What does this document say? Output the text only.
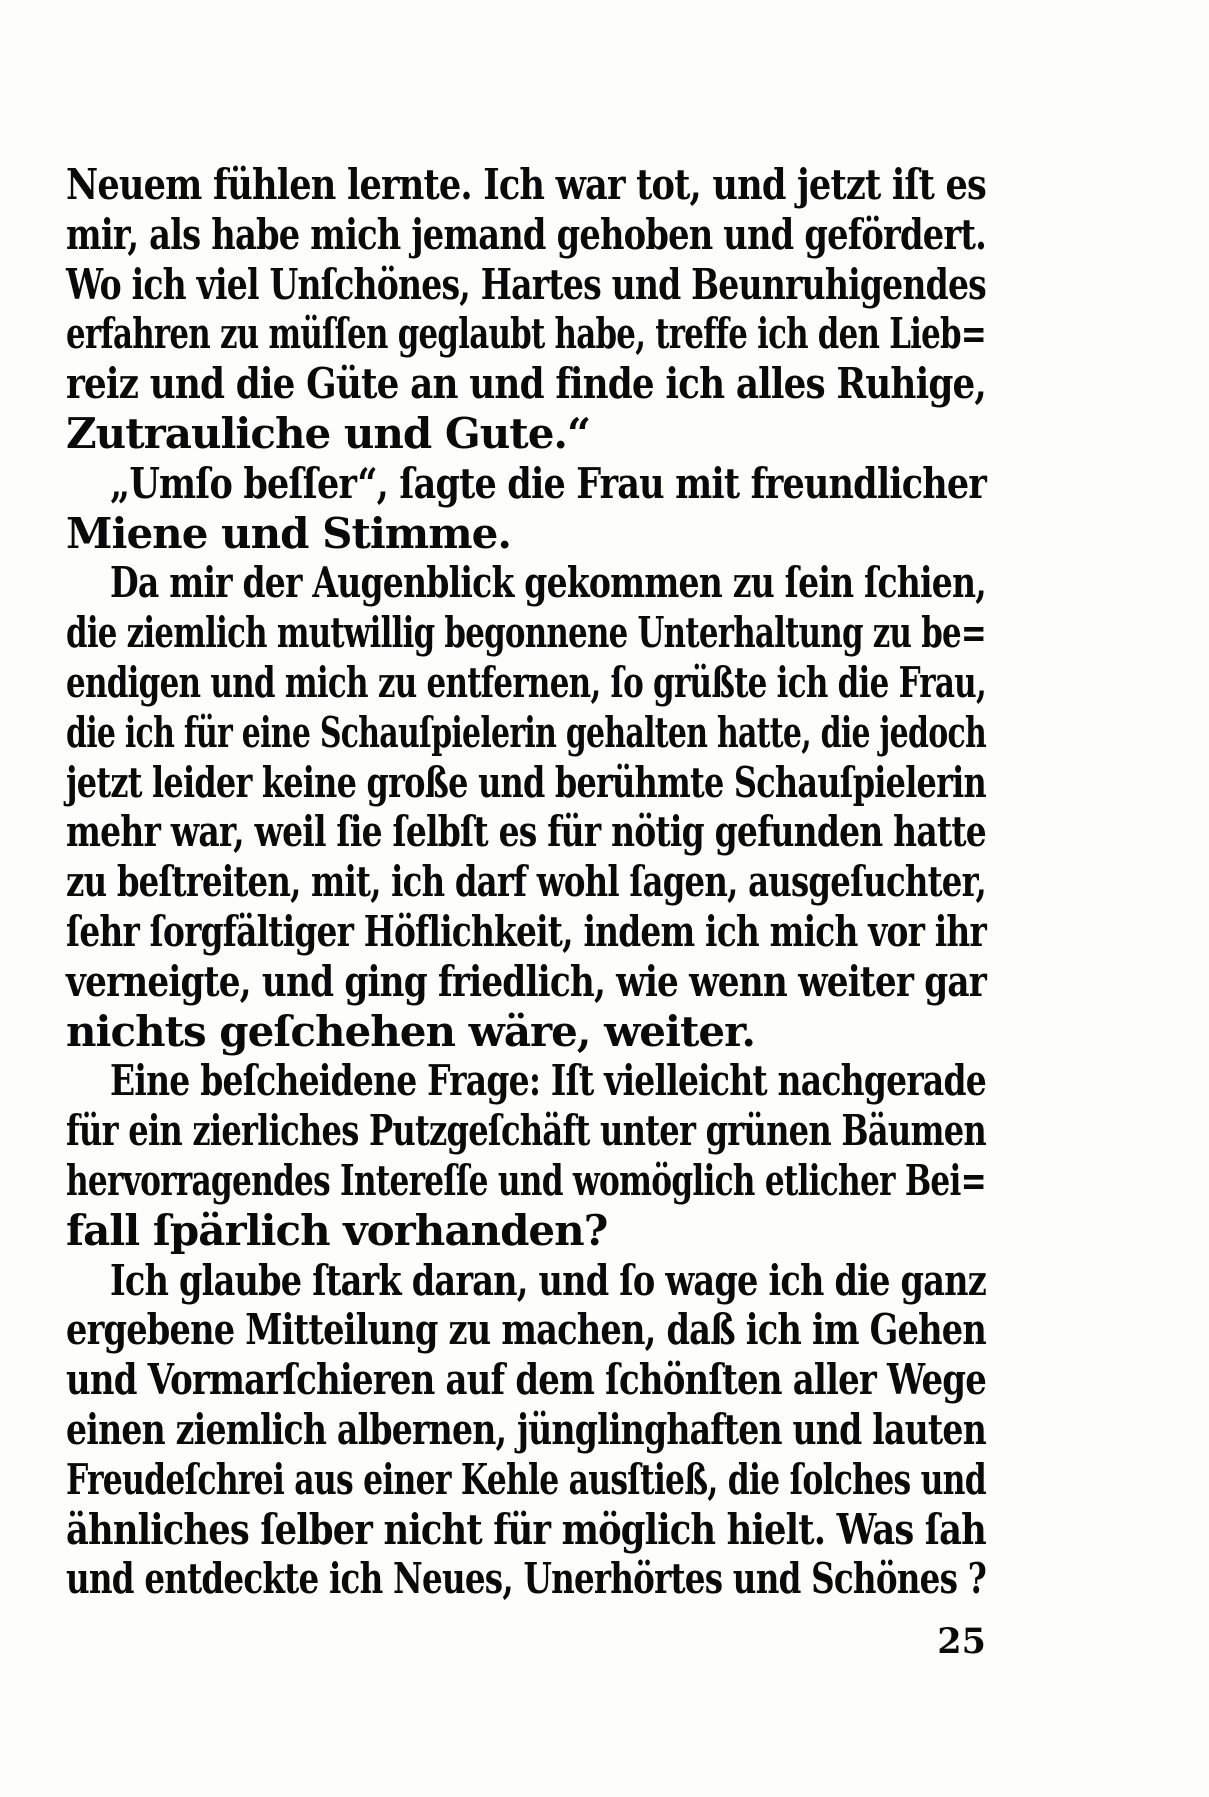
Neuem fühlen lernte. Ich war tot, und jetzt iſt es
mir, als habe mich jemand gehoben und gefördert.
Wo ich viel Unſchönes, Hartes und Beunruhigendes
erfahren zu müſſen geglaubt habe, treffe ich den Lieb=
reiz und die Güte an und finde ich alles Ruhige,
Zutrauliche und Gute.“
„Umſo beſſer“, ſagte die Frau mit freundlicher
Miene und Stimme.
Da mir der Augenblick gekommen zu ſein ſchien,
die ziemlich mutwillig begonnene Unterhaltung zu be=
endigen und mich zu entfernen, ſo grüßte ich die Frau,
die ich für eine Schauſpielerin gehalten hatte, die jedoch
jetzt leider keine große und berühmte Schauſpielerin
mehr war, weil ſie ſelbſt es für nötig gefunden hatte
zu beſtreiten, mit, ich darf wohl ſagen, ausgeſuchter,
ſehr ſorgfältiger Höflichkeit, indem ich mich vor ihr
verneigte, und ging friedlich, wie wenn weiter gar
nichts geſchehen wäre, weiter.
Eine beſcheidene Frage: Iſt vielleicht nachgerade
für ein zierliches Putzgeſchäft unter grünen Bäumen
hervorragendes Intereſſe und womöglich etlicher Bei=
fall ſpärlich vorhanden?
Ich glaube ſtark daran, und ſo wage ich die ganz
ergebene Mitteilung zu machen, daß ich im Gehen
und Vormarſchieren auf dem ſchönſten aller Wege
einen ziemlich albernen, jünglinghaften und lauten
Freudeſchrei aus einer Kehle ausſtieß, die ſolches und
ähnliches ſelber nicht für möglich hielt. Was ſah
und entdeckte ich Neues, Unerhörtes und Schönes ?
25
